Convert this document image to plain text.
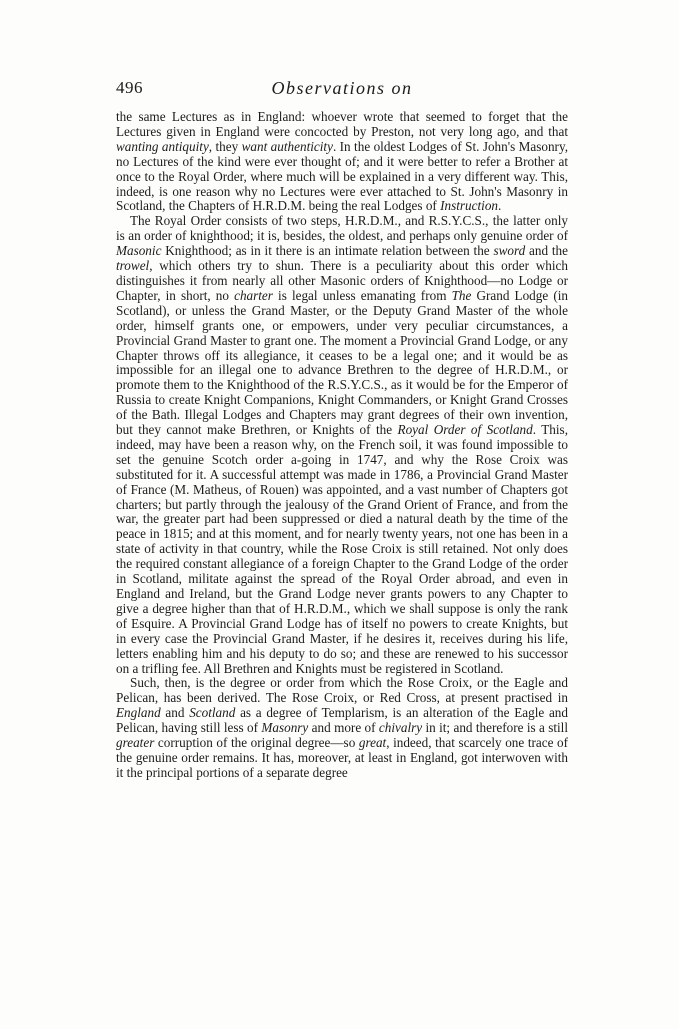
496	Observations on

the same Lectures as in England: whoever wrote that seemed to forget that the Lectures given in England were concocted by Preston, not very long ago, and that wanting antiquity, they want authenticity. In the oldest Lodges of St. John's Masonry, no Lectures of the kind were ever thought of; and it were better to refer a Brother at once to the Royal Order, where much will be explained in a very different way. This, indeed, is one reason why no Lectures were ever attached to St. John's Masonry in Scotland, the Chapters of H.R.D.M. being the real Lodges of Instruction.

The Royal Order consists of two steps, H.R.D.M., and R.S.Y.C.S., the latter only is an order of knighthood; it is, besides, the oldest, and perhaps only genuine order of Masonic Knighthood; as in it there is an intimate relation between the sword and the trowel, which others try to shun. There is a peculiarity about this order which distinguishes it from nearly all other Masonic orders of Knighthood—no Lodge or Chapter, in short, no charter is legal unless emanating from The Grand Lodge (in Scotland), or unless the Grand Master, or the Deputy Grand Master of the whole order, himself grants one, or empowers, under very peculiar circumstances, a Provincial Grand Master to grant one. The moment a Provincial Grand Lodge, or any Chapter throws off its allegiance, it ceases to be a legal one; and it would be as impossible for an illegal one to advance Brethren to the degree of H.R.D.M., or promote them to the Knighthood of the R.S.Y.C.S., as it would be for the Emperor of Russia to create Knight Companions, Knight Commanders, or Knight Grand Crosses of the Bath. Illegal Lodges and Chapters may grant degrees of their own invention, but they cannot make Brethren, or Knights of the Royal Order of Scotland. This, indeed, may have been a reason why, on the French soil, it was found impossible to set the genuine Scotch order a-going in 1747, and why the Rose Croix was substituted for it. A successful attempt was made in 1786, a Provincial Grand Master of France (M. Matheus, of Rouen) was appointed, and a vast number of Chapters got charters; but partly through the jealousy of the Grand Orient of France, and from the war, the greater part had been suppressed or died a natural death by the time of the peace in 1815; and at this moment, and for nearly twenty years, not one has been in a state of activity in that country, while the Rose Croix is still retained. Not only does the required constant allegiance of a foreign Chapter to the Grand Lodge of the order in Scotland, militate against the spread of the Royal Order abroad, and even in England and Ireland, but the Grand Lodge never grants powers to any Chapter to give a degree higher than that of H.R.D.M., which we shall suppose is only the rank of Esquire. A Provincial Grand Lodge has of itself no powers to create Knights, but in every case the Provincial Grand Master, if he desires it, receives during his life, letters enabling him and his deputy to do so; and these are renewed to his successor on a trifling fee. All Brethren and Knights must be registered in Scotland.

Such, then, is the degree or order from which the Rose Croix, or the Eagle and Pelican, has been derived. The Rose Croix, or Red Cross, at present practised in England and Scotland as a degree of Templarism, is an alteration of the Eagle and Pelican, having still less of Masonry and more of chivalry in it; and therefore is a still greater corruption of the original degree—so great, indeed, that scarcely one trace of the genuine order remains. It has, moreover, at least in England, got interwoven with it the principal portions of a separate degree
